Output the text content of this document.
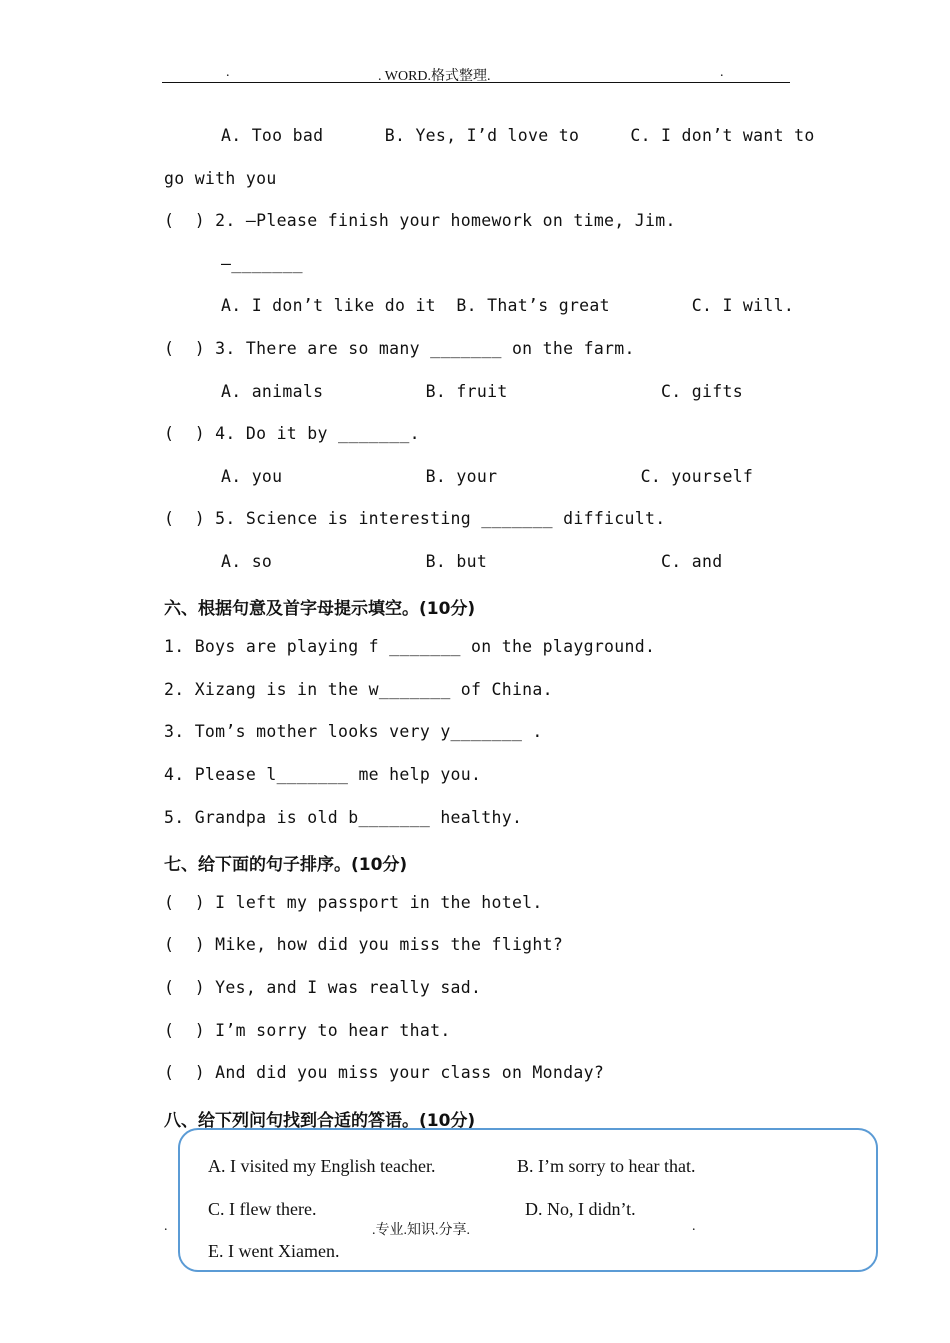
.	. WORD.格式整理.	.
A. Too bad      B. Yes, I’d love to     C. I don’t want to
go with you
(  ) 2. —Please finish your homework on time, Jim.
—_______
A. I don’t like do it  B. That’s great        C. I will.
(  ) 3. There are so many _______ on the farm.
A. animals          B. fruit               C. gifts
(  ) 4. Do it by _______.
A. you              B. your              C. yourself
(  ) 5. Science is interesting _______ difficult.
A. so               B. but                 C. and
六、根据句意及首字母提示填空。(10分)
1. Boys are playing f _______ on the playground.
2. Xizang is in the w_______ of China.
3. Tom’s mother looks very y_______ .
4. Please l_______ me help you.
5. Grandpa is old b_______ healthy.
七、给下面的句子排序。(10分)
(  ) I left my passport in the hotel.
(  ) Mike, how did you miss the flight?
(  ) Yes, and I was really sad.
(  ) I’m sorry to hear that.
(  ) And did you miss your class on Monday?
八、给下列问句找到合适的答语。(10分)
A. I visited my English teacher.	B. I’m sorry to hear that.
C. I flew there.	D. No, I didn’t.
E. I went Xiamen.
.	.专业.知识.分享.	.
